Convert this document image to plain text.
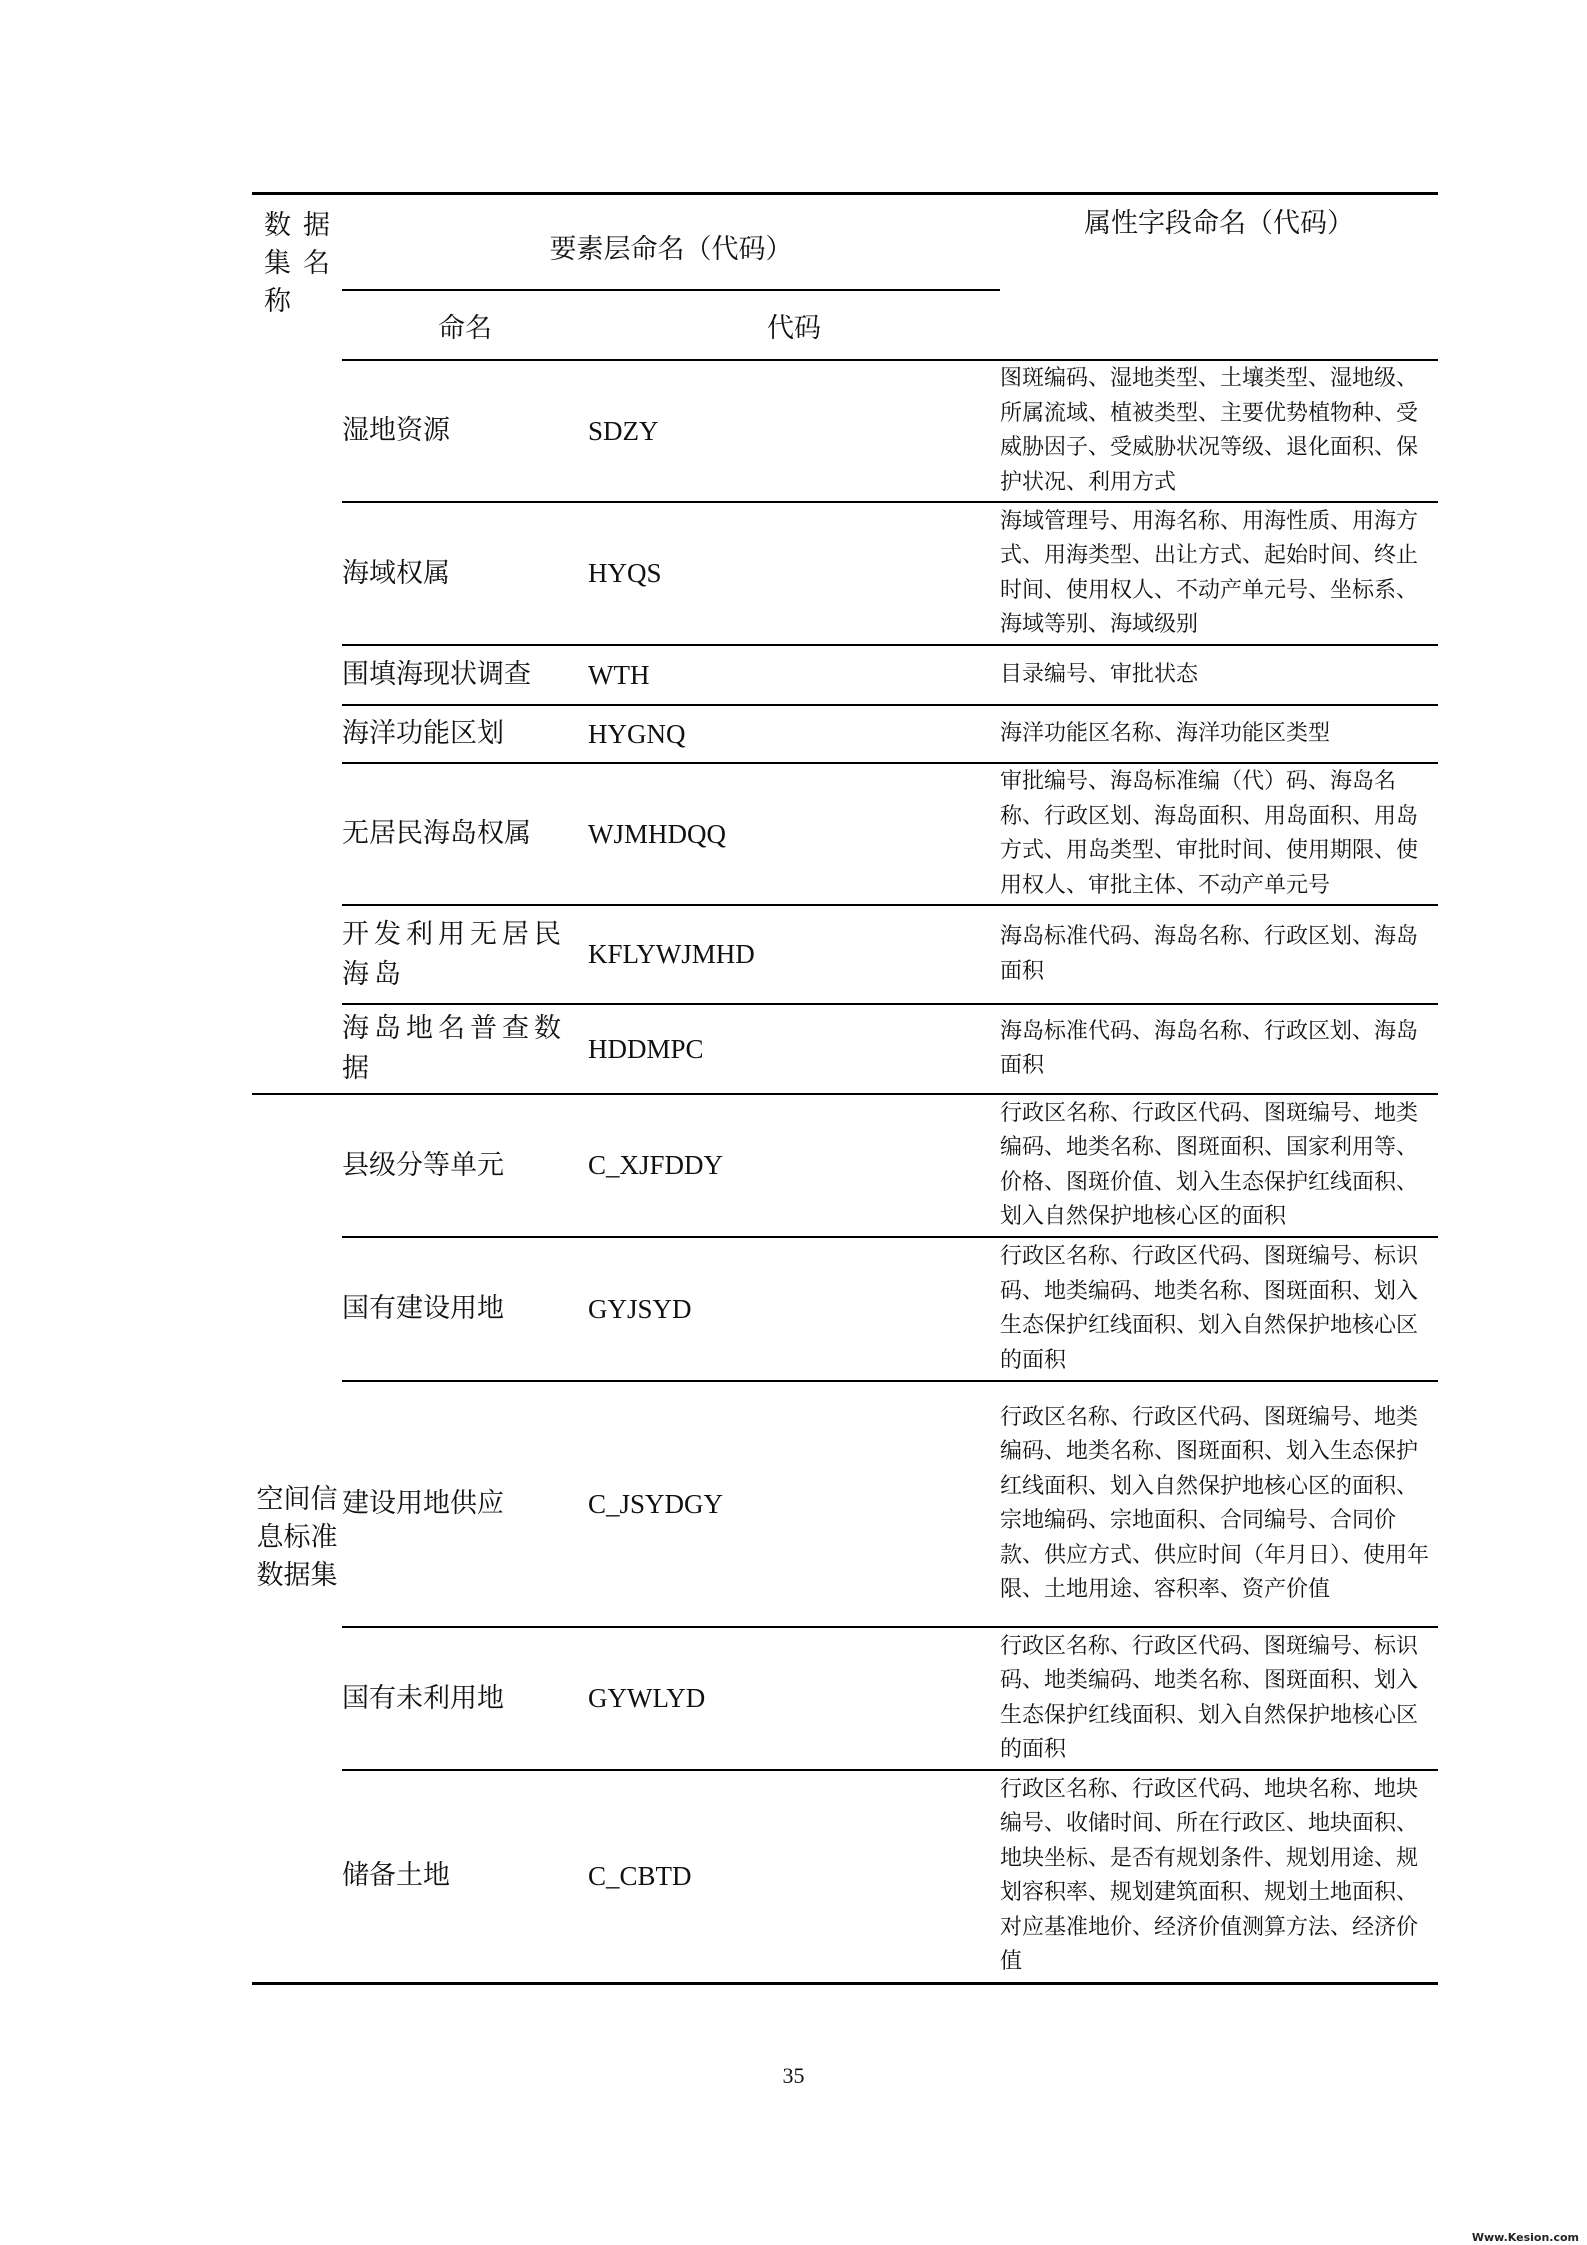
数据集名称	要素层命名（代码）		属性字段命名（代码）
	命名	代码	
	湿地资源	SDZY	图斑编码、湿地类型、土壤类型、湿地级、所属流域、植被类型、主要优势植物种、受威胁因子、受威胁状况等级、退化面积、保护状况、利用方式
	海域权属	HYQS	海域管理号、用海名称、用海性质、用海方式、用海类型、出让方式、起始时间、终止时间、使用权人、不动产单元号、坐标系、海域等别、海域级别
	围填海现状调查	WTH	目录编号、审批状态
	海洋功能区划	HYGNQ	海洋功能区名称、海洋功能区类型
	无居民海岛权属	WJMHDQQ	审批编号、海岛标准编（代）码、海岛名称、行政区划、海岛面积、用岛面积、用岛方式、用岛类型、审批时间、使用期限、使用权人、审批主体、不动产单元号
	开发利用无居民海岛	KFLYWJMHD	海岛标准代码、海岛名称、行政区划、海岛面积
	海岛地名普查数据	HDDMPC	海岛标准代码、海岛名称、行政区划、海岛面积
空间信息标准数据集	县级分等单元	C_XJFDDY	行政区名称、行政区代码、图斑编号、地类编码、地类名称、图斑面积、国家利用等、价格、图斑价值、划入生态保护红线面积、划入自然保护地核心区的面积
	国有建设用地	GYJSYD	行政区名称、行政区代码、图斑编号、标识码、地类编码、地类名称、图斑面积、划入生态保护红线面积、划入自然保护地核心区的面积
	建设用地供应	C_JSYDGY	行政区名称、行政区代码、图斑编号、地类编码、地类名称、图斑面积、划入生态保护红线面积、划入自然保护地核心区的面积、宗地编码、宗地面积、合同编号、合同价款、供应方式、供应时间（年月日）、使用年限、土地用途、容积率、资产价值
	国有未利用地	GYWLYD	行政区名称、行政区代码、图斑编号、标识码、地类编码、地类名称、图斑面积、划入生态保护红线面积、划入自然保护地核心区的面积
	储备土地	C_CBTD	行政区名称、行政区代码、地块名称、地块编号、收储时间、所在行政区、地块面积、地块坐标、是否有规划条件、规划用途、规划容积率、规划建筑面积、规划土地面积、对应基准地价、经济价值测算方法、经济价值
35
Www.Kesion.com
